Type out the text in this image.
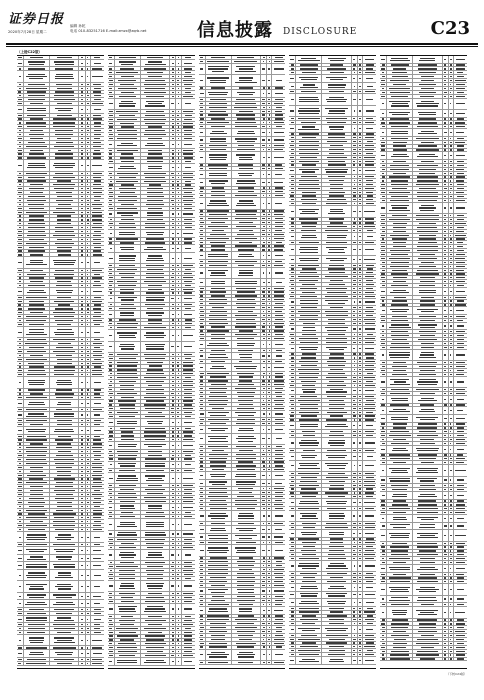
证券日报
2020年7月28日 星期二
编辑 孙乾
电话 010-83251716 E-mail:zmzx@zqrb.net	信息披露 DISCLOSURE	C23
（上接C22版）
（下转C24版）
